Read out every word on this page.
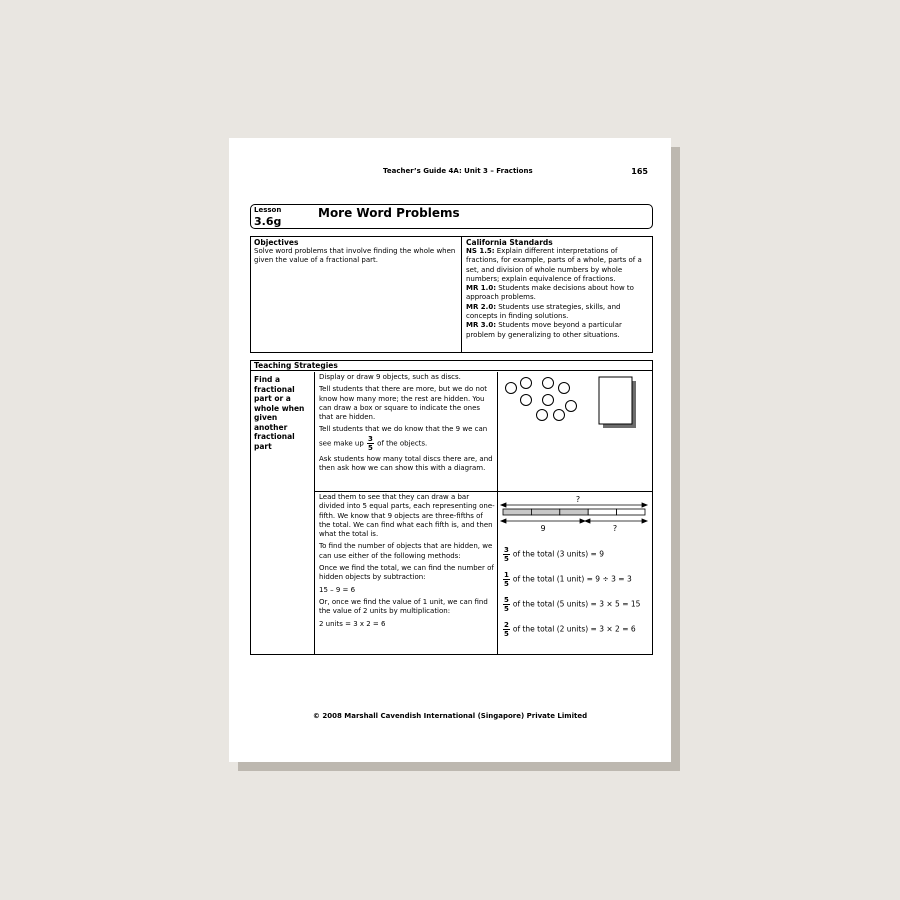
Teacher’s Guide 4A: Unit 3 – Fractions	165
Lesson
3.6g
More Word Problems
Objectives
Solve word problems that involve finding the whole when given the value of a fractional part.
California Standards
NS 1.5: Explain different interpretations of fractions, for example, parts of a whole, parts of a set, and division of whole numbers by whole numbers; explain equivalence of fractions.
MR 1.0: Students make decisions about how to approach problems.
MR 2.0: Students use strategies, skills, and concepts in finding solutions.
MR 3.0: Students move beyond a particular problem by generalizing to other situations.
Teaching Strategies
Find a fractional part or a whole when given another fractional part

Display or draw 9 objects, such as discs.

Tell students that there are more, but we do not know how many more; the rest are hidden. You can draw a box or square to indicate the ones that are hidden.

Tell students that we do know that the 9 we can see make up $\frac{3}{5}$ of the objects.

Ask students how many total discs there are, and then ask how we can show this with a diagram.

Lead them to see that they can draw a bar divided into 5 equal parts, each representing one-fifth. We know that 9 objects are three-fifths of the total. We can find what each fifth is, and then what the total is.

To find the number of objects that are hidden, we can use either of the following methods:

Once we find the total, we can find the number of hidden objects by subtraction:

15 – 9 = 6

Or, once we find the value of 1 unit, we can find the value of 2 units by multiplication:

2 units = 3 x 2 = 6

?
9	?
$\frac{3}{5}$ of the total (3 units) = 9
$\frac{1}{5}$ of the total (1 unit) = 9 ÷ 3 = 3
$\frac{5}{5}$ of the total (5 units) = 3 × 5 = 15
$\frac{2}{5}$ of the total (2 units) = 3 × 2 = 6
© 2008 Marshall Cavendish International (Singapore) Private Limited
